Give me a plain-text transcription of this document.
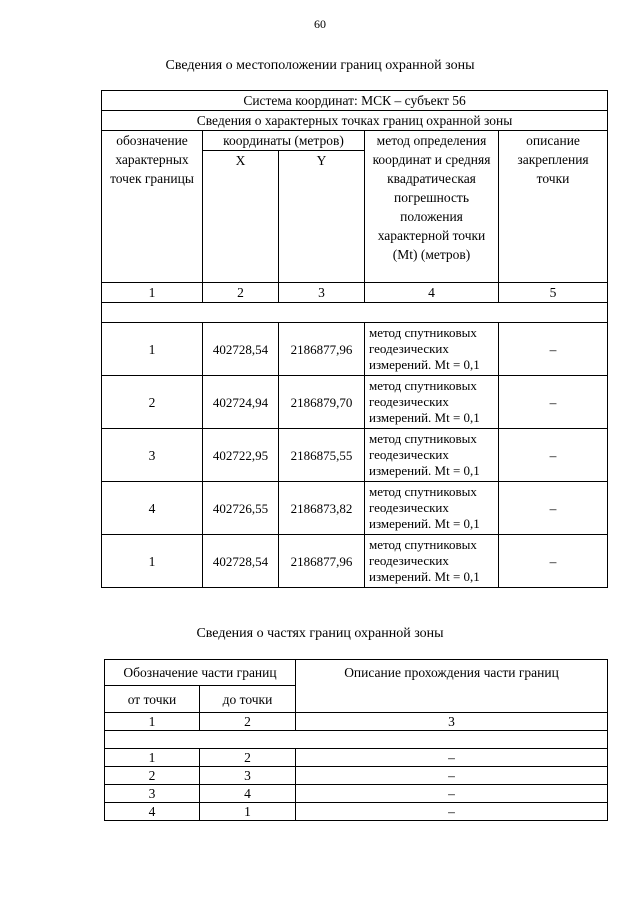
60
Сведения о местоположении границ охранной зоны
Система координат: МСК – субъект 56				
Сведения о характерных точках границ охранной зоны				
обозначение характерных точек границы	координаты (метров)		метод определения координат и средняя квадратическая погрешность положения характерной точки (Mt) (метров)	описание закрепления точки
	X	Y		
1	2	3	4	5

1	402728,54	2186877,96	метод спутниковых геодезических измерений. Mt = 0,1	–
2	402724,94	2186879,70	метод спутниковых геодезических измерений. Mt = 0,1	–
3	402722,95	2186875,55	метод спутниковых геодезических измерений. Mt = 0,1	–
4	402726,55	2186873,82	метод спутниковых геодезических измерений. Mt = 0,1	–
1	402728,54	2186877,96	метод спутниковых геодезических измерений. Mt = 0,1	–
Сведения о частях границ охранной зоны
Обозначение части границ		Описание прохождения части границ
от точки	до точки	
1	2	3

1	2	–
2	3	–
3	4	–
4	1	–
